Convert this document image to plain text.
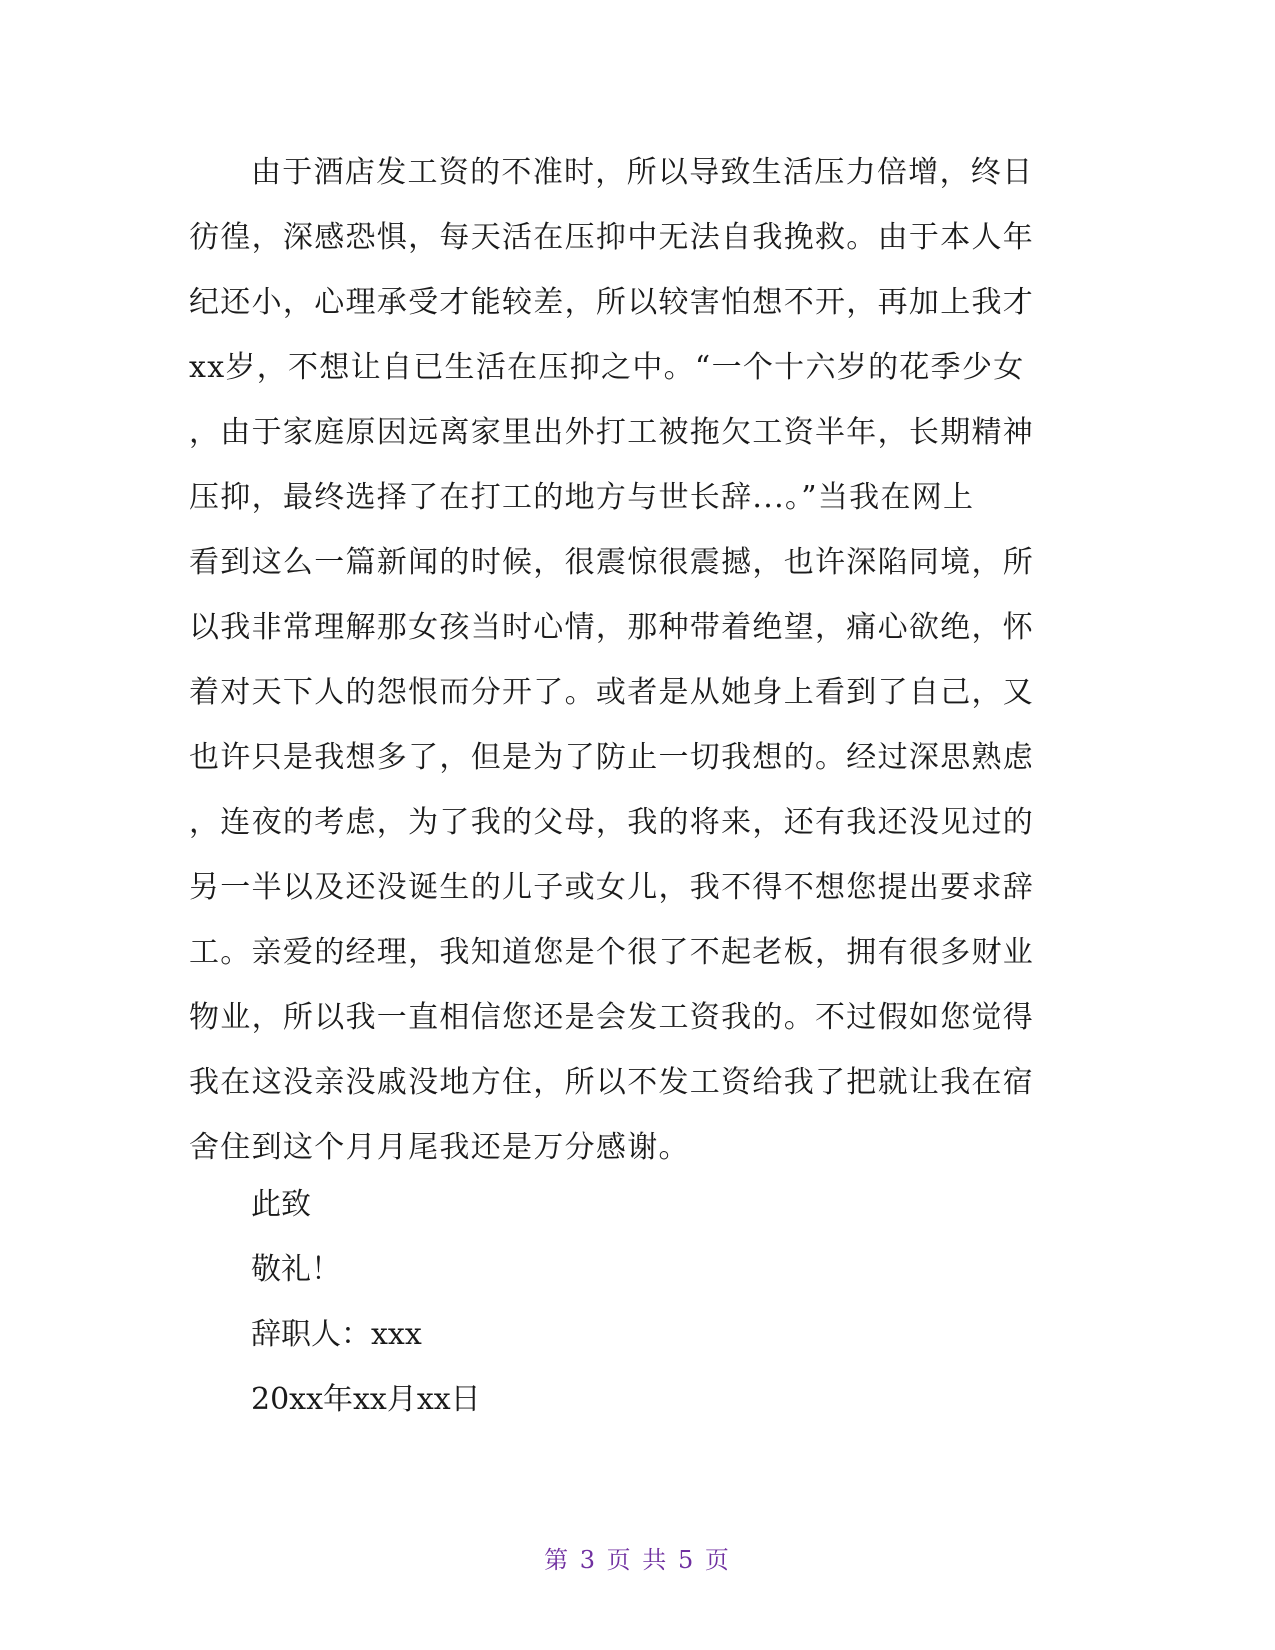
由于酒店发工资的不准时，所以导致生活压力倍增，终日
彷徨，深感恐惧，每天活在压抑中无法自我挽救。由于本人年
纪还小，心理承受才能较差，所以较害怕想不开，再加上我才
xx岁，不想让自已生活在压抑之中。“一个十六岁的花季少女
，由于家庭原因远离家里出外打工被拖欠工资半年，长期精神
压抑，最终选择了在打工的地方与世长辞...。”当我在网上
看到这么一篇新闻的时候，很震惊很震撼，也许深陷同境，所
以我非常理解那女孩当时心情，那种带着绝望，痛心欲绝，怀
着对天下人的怨恨而分开了。或者是从她身上看到了自己，又
也许只是我想多了，但是为了防止一切我想的。经过深思熟虑
，连夜的考虑，为了我的父母，我的将来，还有我还没见过的
另一半以及还没诞生的儿子或女儿，我不得不想您提出要求辞
工。亲爱的经理，我知道您是个很了不起老板，拥有很多财业
物业，所以我一直相信您还是会发工资我的。不过假如您觉得
我在这没亲没戚没地方住，所以不发工资给我了把就让我在宿
舍住到这个月月尾我还是万分感谢。
此致
敬礼！
辞职人：xxx
20xx年xx月xx日
第 3 页 共 5 页
